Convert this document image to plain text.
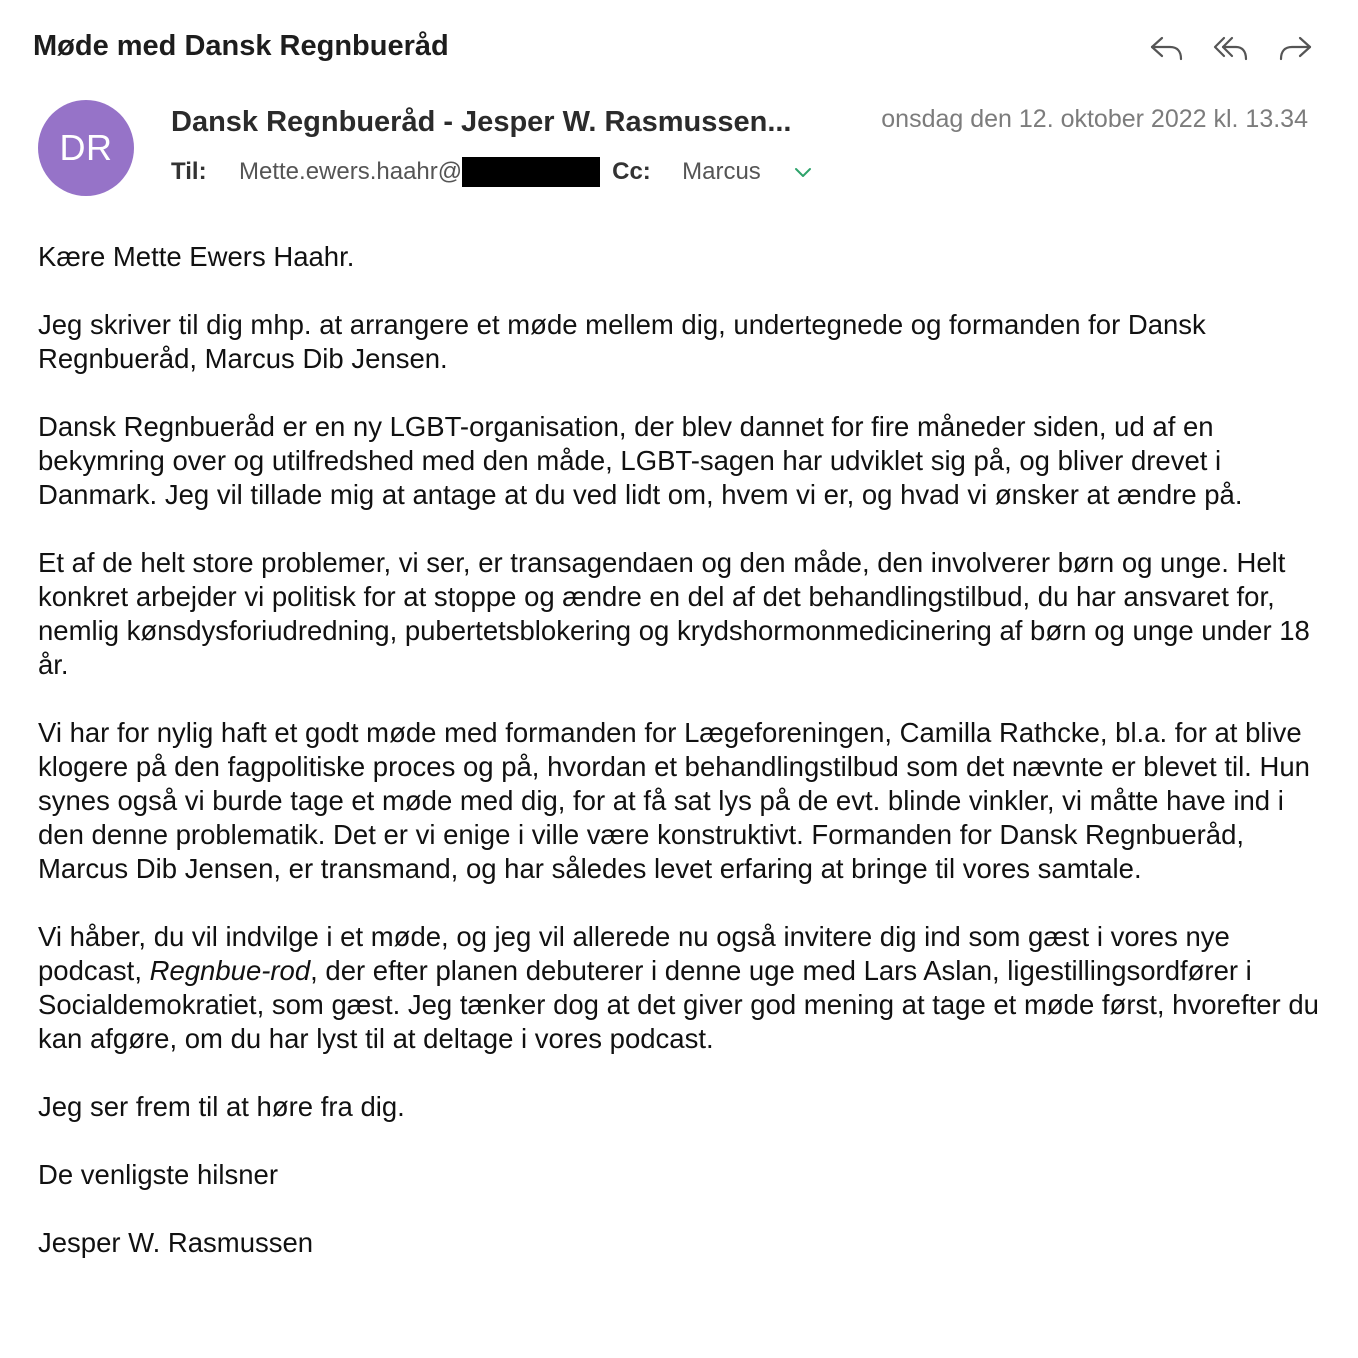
Møde med Dansk Regnbueråd
DR
Dansk Regnbueråd - Jesper W. Rasmussen...	onsdag den 12. oktober 2022 kl. 13.34
Til:	Mette.ewers.haahr@	Cc:	Marcus

Kære Mette Ewers Haahr.

Jeg skriver til dig mhp. at arrangere et møde mellem dig, undertegnede og formanden for Dansk Regnbueråd, Marcus Dib Jensen.

Dansk Regnbueråd er en ny LGBT-organisation, der blev dannet for fire måneder siden, ud af en bekymring over og utilfredshed med den måde, LGBT-sagen har udviklet sig på, og bliver drevet i Danmark. Jeg vil tillade mig at antage at du ved lidt om, hvem vi er, og hvad vi ønsker at ændre på.

Et af de helt store problemer, vi ser, er transagendaen og den måde, den involverer børn og unge. Helt konkret arbejder vi politisk for at stoppe og ændre en del af det behandlingstilbud, du har ansvaret for, nemlig kønsdysforiudredning, pubertetsblokering og krydshormonmedicinering af børn og unge under 18 år.

Vi har for nylig haft et godt møde med formanden for Lægeforeningen, Camilla Rathcke, bl.a. for at blive klogere på den fagpolitiske proces og på, hvordan et behandlingstilbud som det nævnte er blevet til. Hun synes også vi burde tage et møde med dig, for at få sat lys på de evt. blinde vinkler, vi måtte have ind i den denne problematik. Det er vi enige i ville være konstruktivt. Formanden for Dansk Regnbueråd, Marcus Dib Jensen, er transmand, og har således levet erfaring at bringe til vores samtale.

Vi håber, du vil indvilge i et møde, og jeg vil allerede nu også invitere dig ind som gæst i vores nye podcast, Regnbue-rod, der efter planen debuterer i denne uge med Lars Aslan, ligestillingsordfører i Socialdemokratiet, som gæst. Jeg tænker dog at det giver god mening at tage et møde først, hvorefter du kan afgøre, om du har lyst til at deltage i vores podcast.

Jeg ser frem til at høre fra dig.

De venligste hilsner

Jesper W. Rasmussen
